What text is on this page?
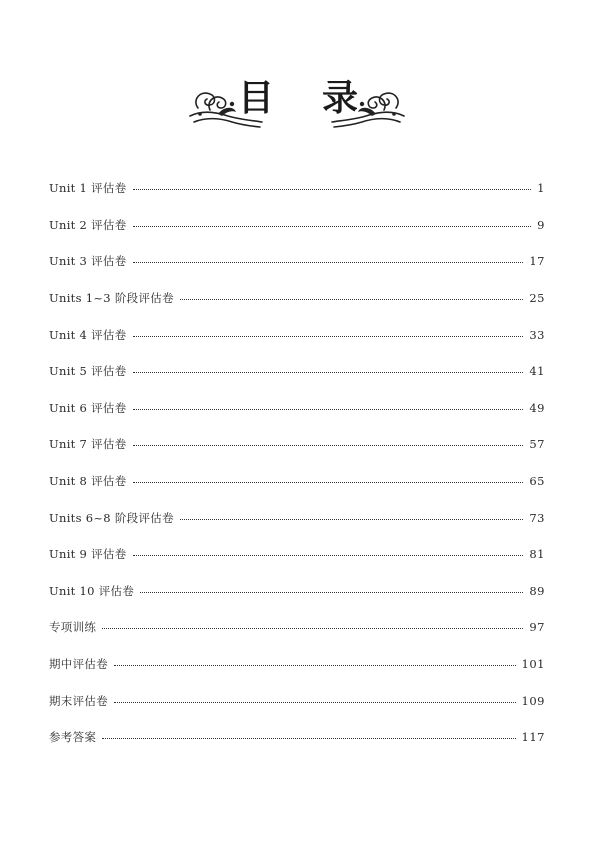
目 录
Unit 1 评估卷	1
Unit 2 评估卷	9
Unit 3 评估卷	17
Units 1~3 阶段评估卷	25
Unit 4 评估卷	33
Unit 5 评估卷	41
Unit 6 评估卷	49
Unit 7 评估卷	57
Unit 8 评估卷	65
Units 6~8 阶段评估卷	73
Unit 9 评估卷	81
Unit 10 评估卷	89
专项训练	97
期中评估卷	101
期末评估卷	109
参考答案	117
